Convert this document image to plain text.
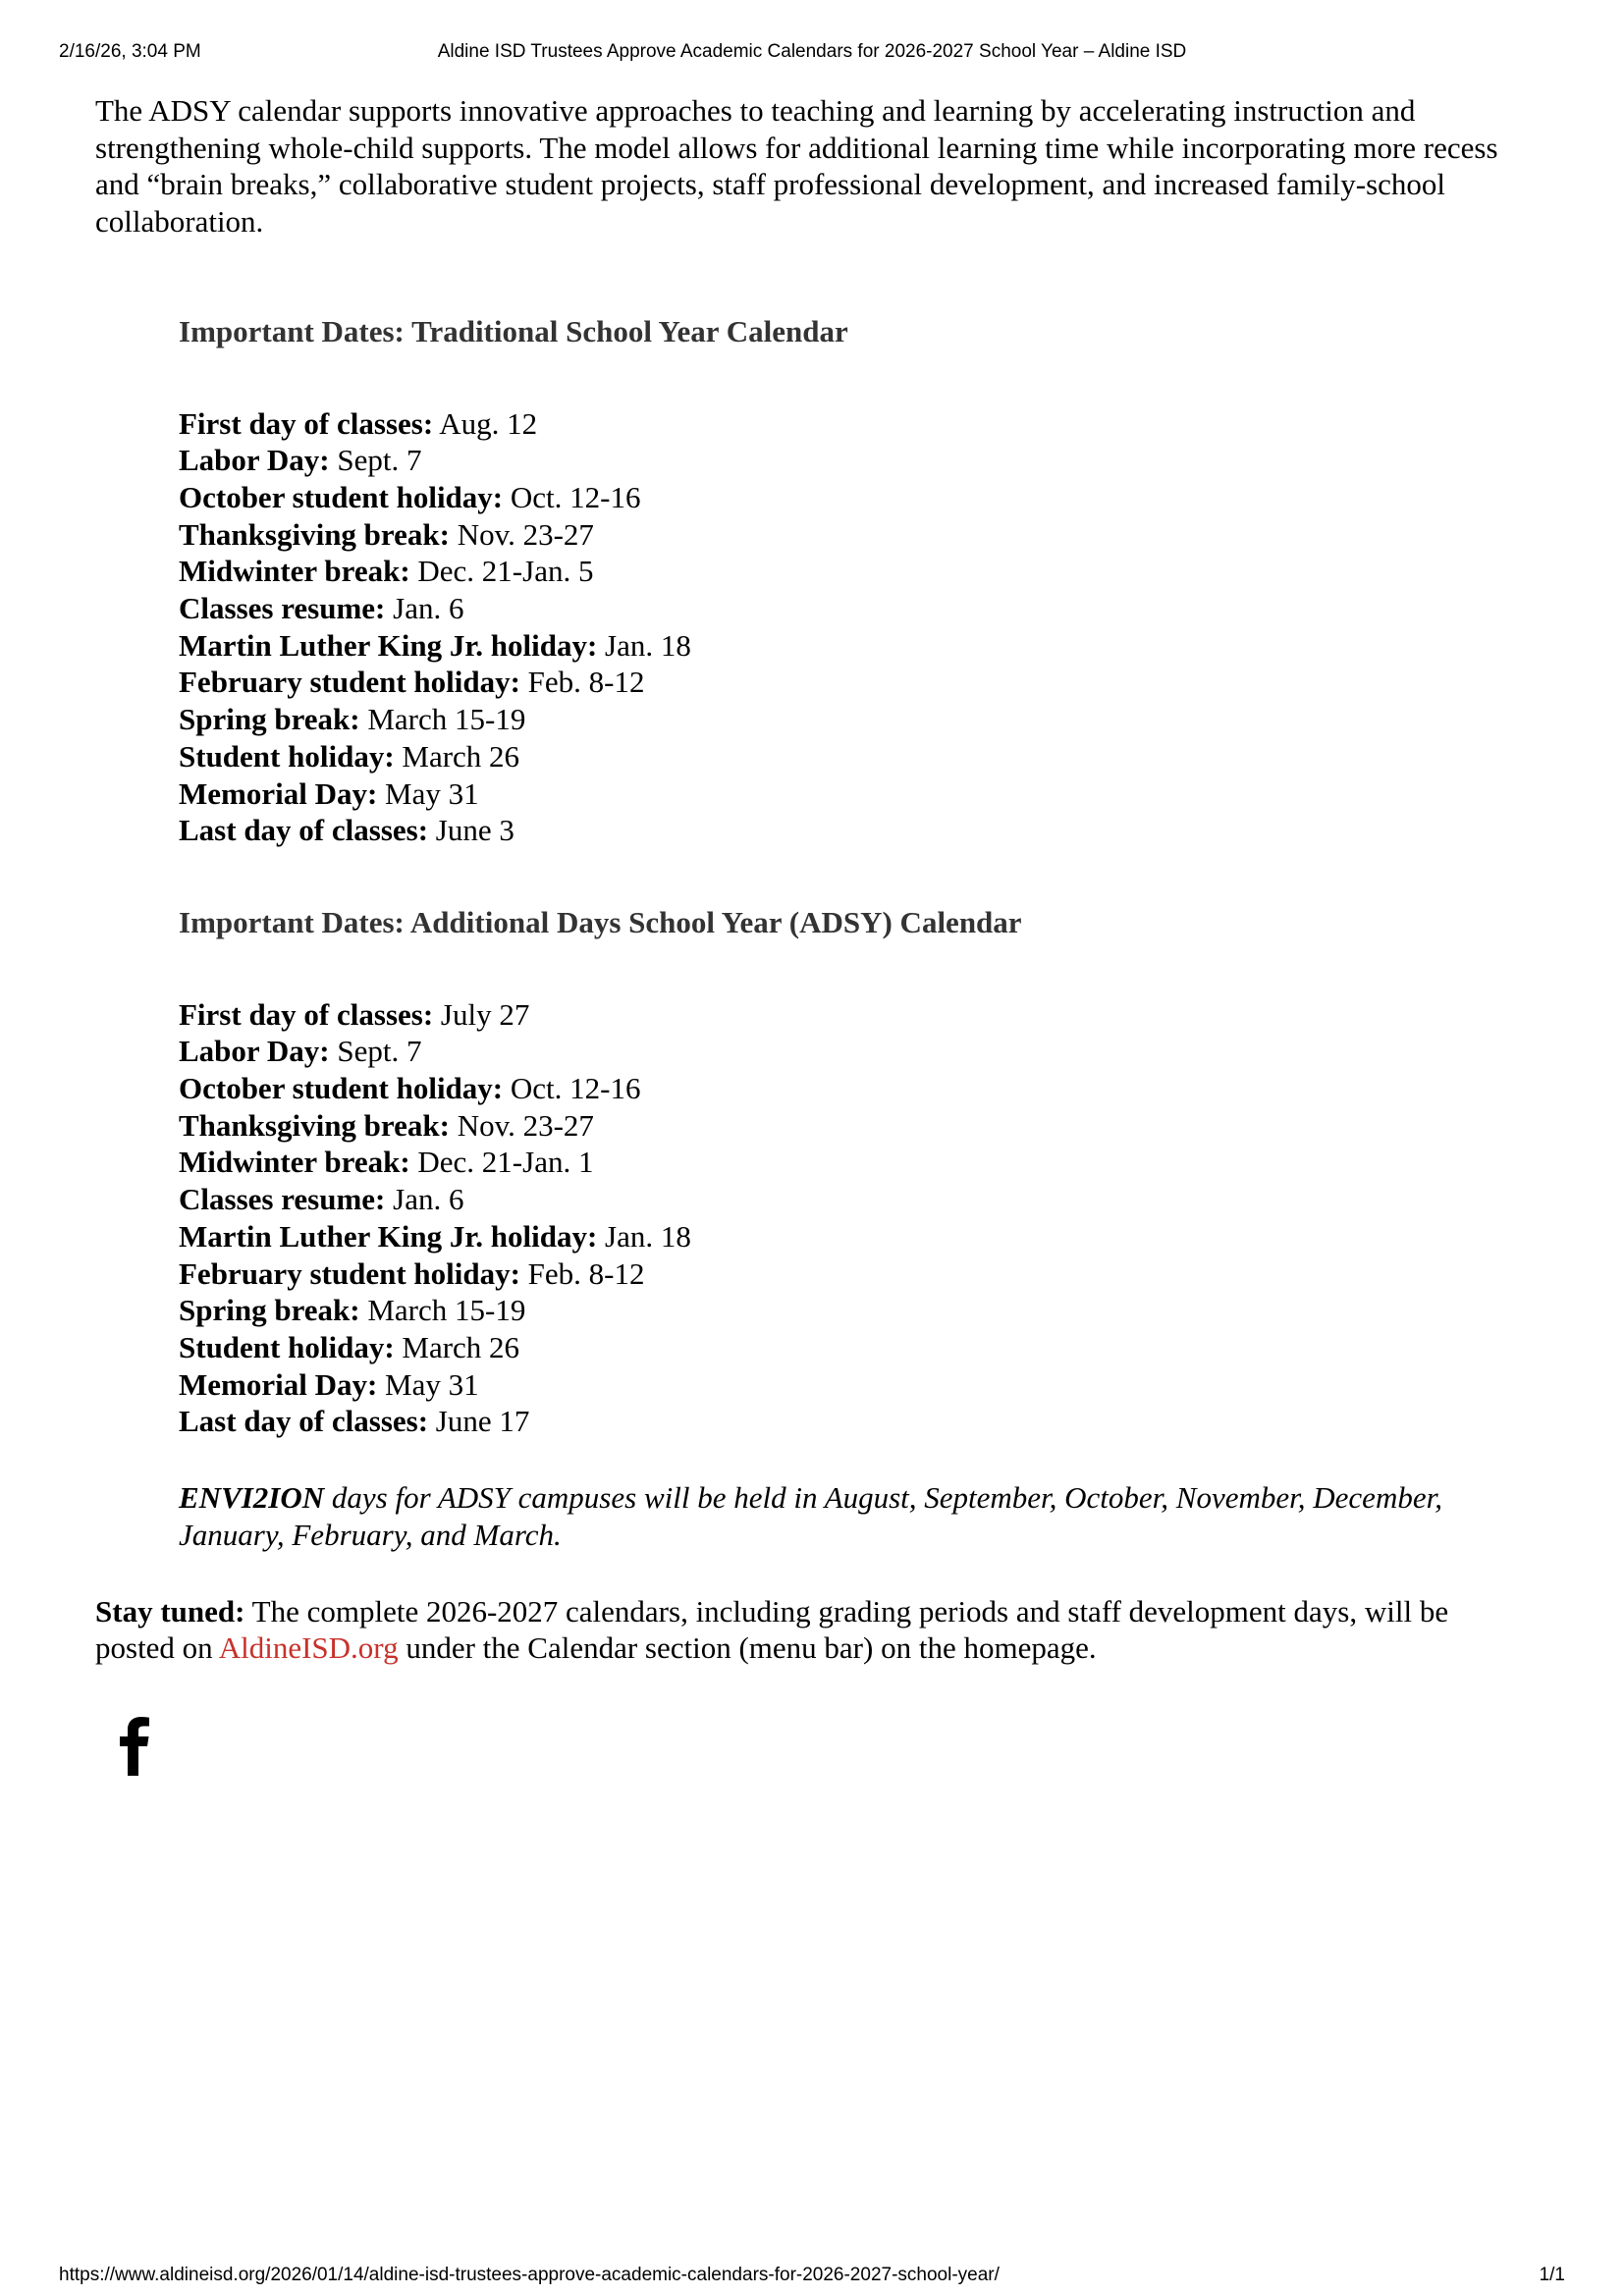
2/16/26, 3:04 PM	Aldine ISD Trustees Approve Academic Calendars for 2026-2027 School Year – Aldine ISD

The ADSY calendar supports innovative approaches to teaching and learning by accelerating instruction and strengthening whole-child supports. The model allows for additional learning time while incorporating more recess and “brain breaks,” collaborative student projects, staff professional development, and increased family-school collaboration.

Important Dates: Traditional School Year Calendar

First day of classes: Aug. 12
Labor Day: Sept. 7
October student holiday: Oct. 12-16
Thanksgiving break: Nov. 23-27
Midwinter break: Dec. 21-Jan. 5
Classes resume: Jan. 6
Martin Luther King Jr. holiday: Jan. 18
February student holiday: Feb. 8-12
Spring break: March 15-19
Student holiday: March 26
Memorial Day: May 31
Last day of classes: June 3

Important Dates: Additional Days School Year (ADSY) Calendar

First day of classes: July 27
Labor Day: Sept. 7
October student holiday: Oct. 12-16
Thanksgiving break: Nov. 23-27
Midwinter break: Dec. 21-Jan. 1
Classes resume: Jan. 6
Martin Luther King Jr. holiday: Jan. 18
February student holiday: Feb. 8-12
Spring break: March 15-19
Student holiday: March 26
Memorial Day: May 31
Last day of classes: June 17

ENVI2ION days for ADSY campuses will be held in August, September, October, November, December, January, February, and March.

Stay tuned: The complete 2026-2027 calendars, including grading periods and staff development days, will be posted on AldineISD.org under the Calendar section (menu bar) on the homepage.

https://www.aldineisd.org/2026/01/14/aldine-isd-trustees-approve-academic-calendars-for-2026-2027-school-year/	1/1
